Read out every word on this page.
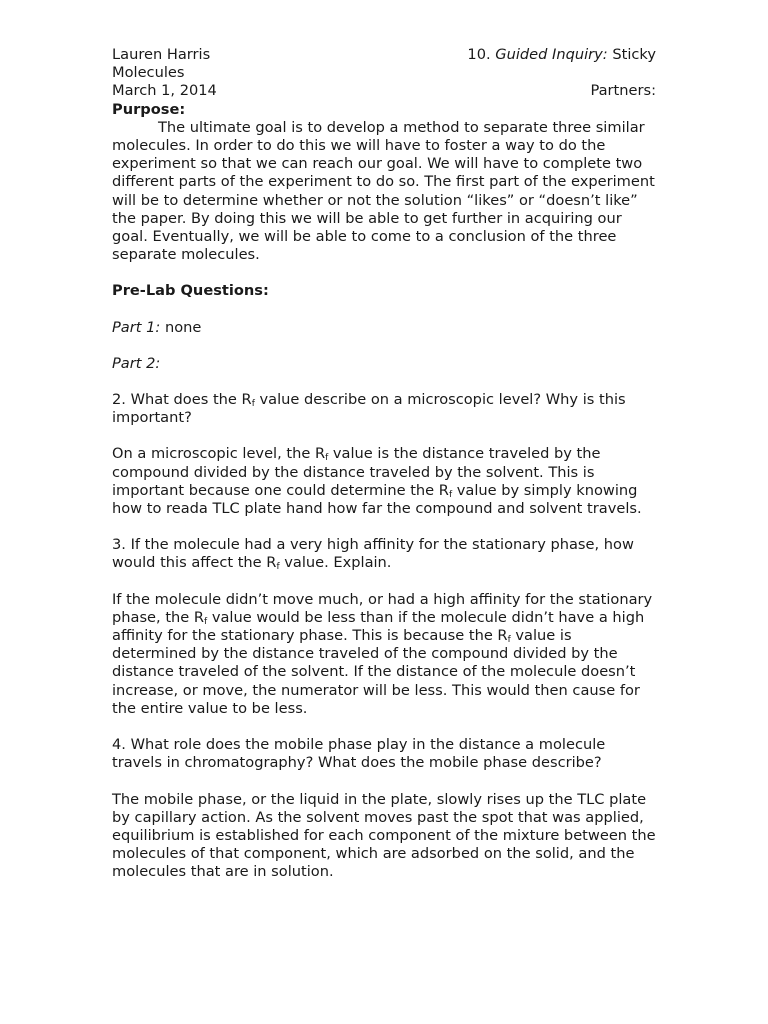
Lauren Harris	10. Guided Inquiry: Sticky
Molecules
March 1, 2014	Partners:
Purpose:

The ultimate goal is to develop a method to separate three similar molecules. In order to do this we will have to foster a way to do the experiment so that we can reach our goal. We will have to complete two different parts of the experiment to do so. The first part of the experiment will be to determine whether or not the solution “likes” or “doesn’t like” the paper. By doing this we will be able to get further in acquiring our goal. Eventually, we will be able to come to a conclusion of the three separate molecules.

Pre-Lab Questions:
Part 1: none
Part 2:

2. What does the $R_f$ value describe on a microscopic level? Why is this important?

On a microscopic level, the $R_f$ value is the distance traveled by the compound divided by the distance traveled by the solvent. This is important because one could determine the $R_f$ value by simply knowing how to reada TLC plate hand how far the compound and solvent travels.

3. If the molecule had a very high affinity for the stationary phase, how would this affect the $R_f$ value. Explain.

If the molecule didn’t move much, or had a high affinity for the stationary phase, the $R_f$ value would be less than if the molecule didn’t have a high affinity for the stationary phase. This is because the $R_f$ value is determined by the distance traveled of the compound divided by the distance traveled of the solvent. If the distance of the molecule doesn’t increase, or move, the numerator will be less. This would then cause for the entire value to be less.

4. What role does the mobile phase play in the distance a molecule travels in chromatography? What does the mobile phase describe?

The mobile phase, or the liquid in the plate, slowly rises up the TLC plate by capillary action. As the solvent moves past the spot that was applied, equilibrium is established for each component of the mixture between the molecules of that component, which are adsorbed on the solid, and the molecules that are in solution.
